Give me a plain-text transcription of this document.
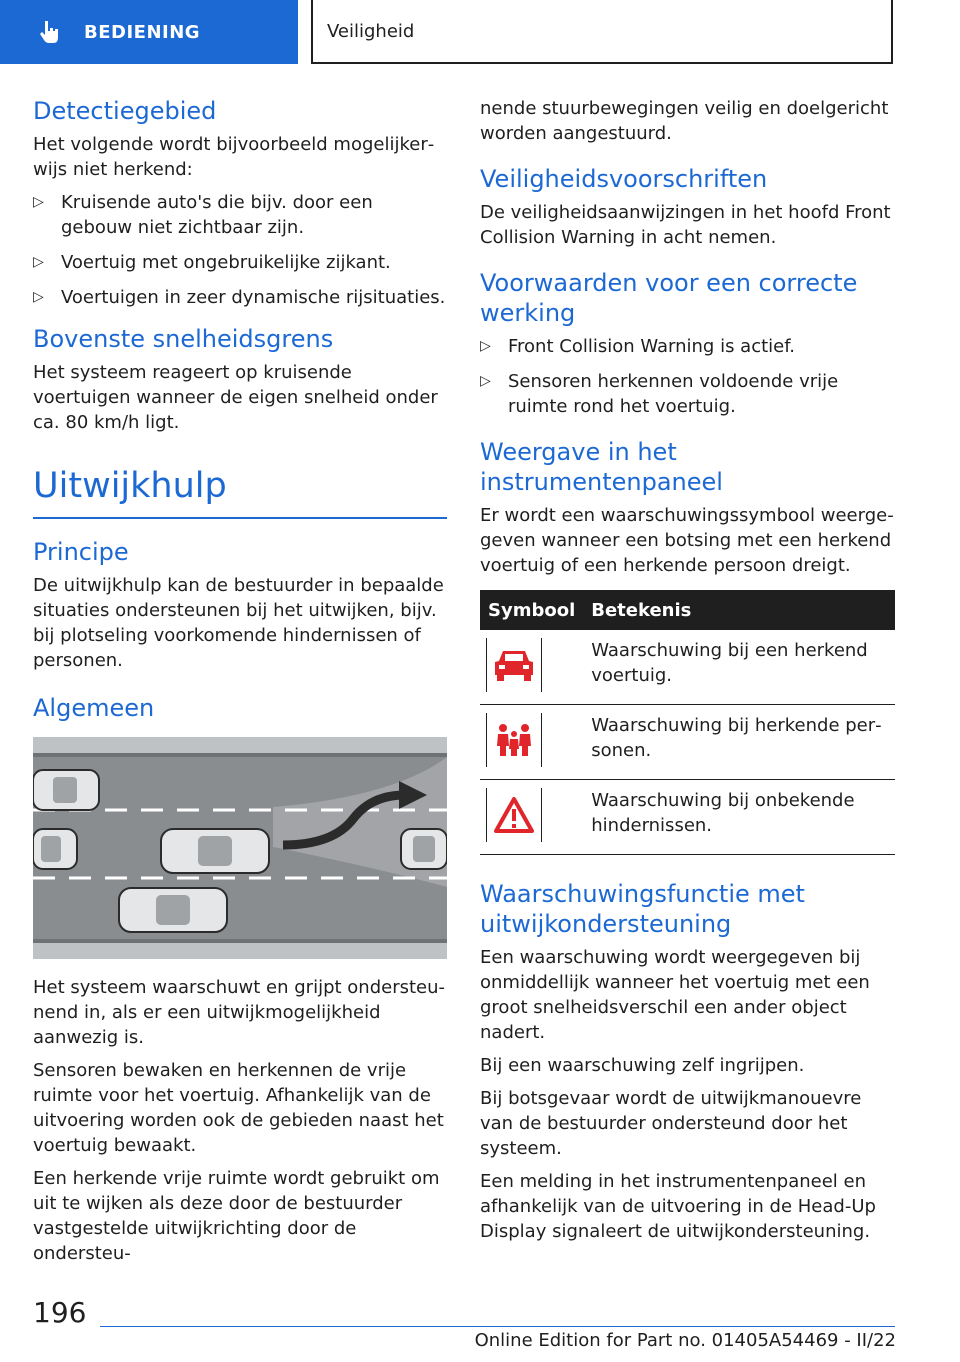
BEDIENING	Veiligheid
Detectiegebied

Het volgende wordt bijvoorbeeld mogelijkerwijs niet herkend:

▷ Kruisende auto's die bijv. door een gebouw niet zichtbaar zijn.
▷ Voertuig met ongebruikelijke zijkant.
▷ Voertuigen in zeer dynamische rijsituaties.
Bovenste snelheidsgrens

Het systeem reageert op kruisende voertuigen wanneer de eigen snelheid onder ca. 80 km/h ligt.

Uitwijkhulp
Principe

De uitwijkhulp kan de bestuurder in bepaalde situaties ondersteunen bij het uitwijken, bijv. bij plotseling voorkomende hindernissen of personen.

Algemeen

Het systeem waarschuwt en grijpt ondersteunend in, als er een uitwijkmogelijkheid aanwezig is.

Sensoren bewaken en herkennen de vrije ruimte voor het voertuig. Afhankelijk van de uitvoering worden ook de gebieden naast het voertuig bewaakt.

Een herkende vrije ruimte wordt gebruikt om uit te wijken als deze door de bestuurder vastgestelde uitwijkrichting door de ondersteu-

nende stuurbewegingen veilig en doelgericht worden aangestuurd.

Veiligheidsvoorschriften

De veiligheidsaanwijzingen in het hoofd Front Collision Warning in acht nemen.

Voorwaarden voor een correcte werking
▷ Front Collision Warning is actief.
▷ Sensoren herkennen voldoende vrije ruimte rond het voertuig.
Weergave in het instrumentenpaneel

Er wordt een waarschuwingssymbool weergegeven wanneer een botsing met een herkend voertuig of een herkende persoon dreigt.

Symbool	Betekenis

	Waarschuwing bij een herkend voertuig.

	Waarschuwing bij herkende personen.

	Waarschuwing bij onbekende hindernissen.
Waarschuwingsfunctie met uitwijkondersteuning

Een waarschuwing wordt weergegeven bij onmiddellijk wanneer het voertuig met een groot snelheidsverschil een ander object nadert.

Bij een waarschuwing zelf ingrijpen.

Bij botsgevaar wordt de uitwijkmanouevre van de bestuurder ondersteund door het systeem.

Een melding in het instrumentenpaneel en afhankelijk van de uitvoering in de Head-Up Display signaleert de uitwijkondersteuning.

196
Online Edition for Part no. 01405A54469 - II/22
